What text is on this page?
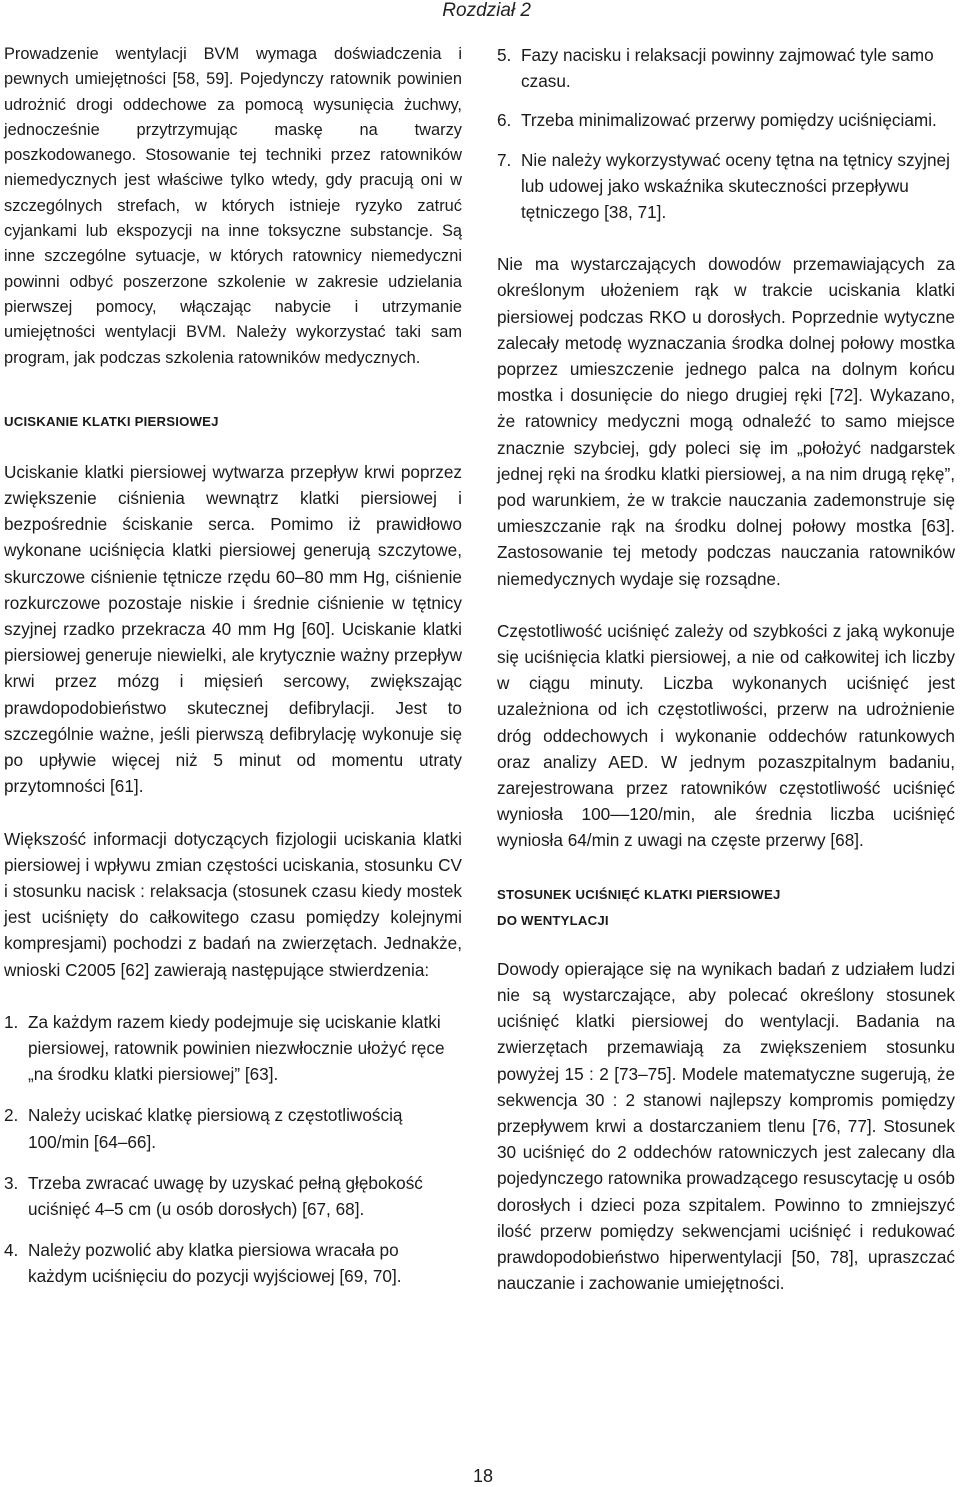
Rozdział 2

Prowadzenie wentylacji BVM wymaga doświadczenia i pewnych umiejętności [58, 59]. Pojedynczy ratownik powinien udrożnić drogi oddechowe za pomocą wysunięcia żuchwy, jednocześnie przytrzymując maskę na twarzy poszkodowanego. Stosowanie tej techniki przez ratowników niemedycznych jest właściwe tylko wtedy, gdy pracują oni w szczególnych strefach, w których istnieje ryzyko zatruć cyjankami lub ekspozycji na inne toksyczne substancje. Są inne szczególne sytuacje, w których ratownicy niemedyczni powinni odbyć poszerzone szkolenie w zakresie udzielania pierwszej pomocy, włączając nabycie i utrzymanie umiejętności wentylacji BVM. Należy wykorzystać taki sam program, jak podczas szkolenia ratowników medycznych.

UCISKANIE KLATKI PIERSIOWEJ

Uciskanie klatki piersiowej wytwarza przepływ krwi poprzez zwiększenie ciśnienia wewnątrz klatki piersiowej i bezpośrednie ściskanie serca. Pomimo iż prawidłowo wykonane uciśnięcia klatki piersiowej generują szczytowe, skurczowe ciśnienie tętnicze rzędu 60–80 mm Hg, ciśnienie rozkurczowe pozostaje niskie i średnie ciśnienie w tętnicy szyjnej rzadko przekracza 40 mm Hg [60]. Uciskanie klatki piersiowej generuje niewielki, ale krytycznie ważny przepływ krwi przez mózg i mięsień sercowy, zwiększając prawdopodobieństwo skutecznej defibrylacji. Jest to szczególnie ważne, jeśli pierwszą defibrylację wykonuje się po upływie więcej niż 5 minut od momentu utraty przytomności [61].

Większość informacji dotyczących fizjologii uciskania klatki piersiowej i wpływu zmian częstości uciskania, stosunku CV i stosunku nacisk : relaksacja (stosunek czasu kiedy mostek jest uciśnięty do całkowitego czasu pomiędzy kolejnymi kompresjami) pochodzi z badań na zwierzętach. Jednakże, wnioski C2005 [62] zawierają następujące stwierdzenia:

1. Za każdym razem kiedy podejmuje się uciskanie klatki piersiowej, ratownik powinien niezwłocznie ułożyć ręce „na środku klatki piersiowej” [63].
2. Należy uciskać klatkę piersiową z częstotliwością 100/min [64–66].
3. Trzeba zwracać uwagę by uzyskać pełną głębokość uciśnięć 4–5 cm (u osób dorosłych) [67, 68].
4. Należy pozwolić aby klatka piersiowa wracała po każdym uciśnięciu do pozycji wyjściowej [69, 70].
5. Fazy nacisku i relaksacji powinny zajmować tyle samo czasu.
6. Trzeba minimalizować przerwy pomiędzy uciśnięciami.
7. Nie należy wykorzystywać oceny tętna na tętnicy szyjnej lub udowej jako wskaźnika skuteczności przepływu tętniczego [38, 71].

Nie ma wystarczających dowodów przemawiających za określonym ułożeniem rąk w trakcie uciskania klatki piersiowej podczas RKO u dorosłych. Poprzednie wytyczne zalecały metodę wyznaczania środka dolnej połowy mostka poprzez umieszczenie jednego palca na dolnym końcu mostka i dosunięcie do niego drugiej ręki [72]. Wykazano, że ratownicy medyczni mogą odnaleźć to samo miejsce znacznie szybciej, gdy poleci się im „położyć nadgarstek jednej ręki na środku klatki piersiowej, a na nim drugą rękę”, pod warunkiem, że w trakcie nauczania zademonstruje się umieszczanie rąk na środku dolnej połowy mostka [63]. Zastosowanie tej metody podczas nauczania ratowników niemedycznych wydaje się rozsądne.

Częstotliwość uciśnięć zależy od szybkości z jaką wykonuje się uciśnięcia klatki piersiowej, a nie od całkowitej ich liczby w ciągu minuty. Liczba wykonanych uciśnięć jest uzależniona od ich częstotliwości, przerw na udrożnienie dróg oddechowych i wykonanie oddechów ratunkowych oraz analizy AED. W jednym pozaszpitalnym badaniu, zarejestrowana przez ratowników częstotliwość uciśnięć wyniosła 100––120/min, ale średnia liczba uciśnięć wyniosła 64/min z uwagi na częste przerwy [68].

STOSUNEK UCIŚNIĘĆ KLATKI PIERSIOWEJ
DO WENTYLACJI

Dowody opierające się na wynikach badań z udziałem ludzi nie są wystarczające, aby polecać określony stosunek uciśnięć klatki piersiowej do wentylacji. Badania na zwierzętach przemawiają za zwiększeniem stosunku powyżej 15 : 2 [73–75]. Modele matematyczne sugerują, że sekwencja 30 : 2 stanowi najlepszy kompromis pomiędzy przepływem krwi a dostarczaniem tlenu [76, 77]. Stosunek 30 uciśnięć do 2 oddechów ratowniczych jest zalecany dla pojedynczego ratownika prowadzącego resuscytację u osób dorosłych i dzieci poza szpitalem. Powinno to zmniejszyć ilość przerw pomiędzy sekwencjami uciśnięć i redukować prawdopodobieństwo hiperwentylacji [50, 78], upraszczać nauczanie i zachowanie umiejętności.

18
